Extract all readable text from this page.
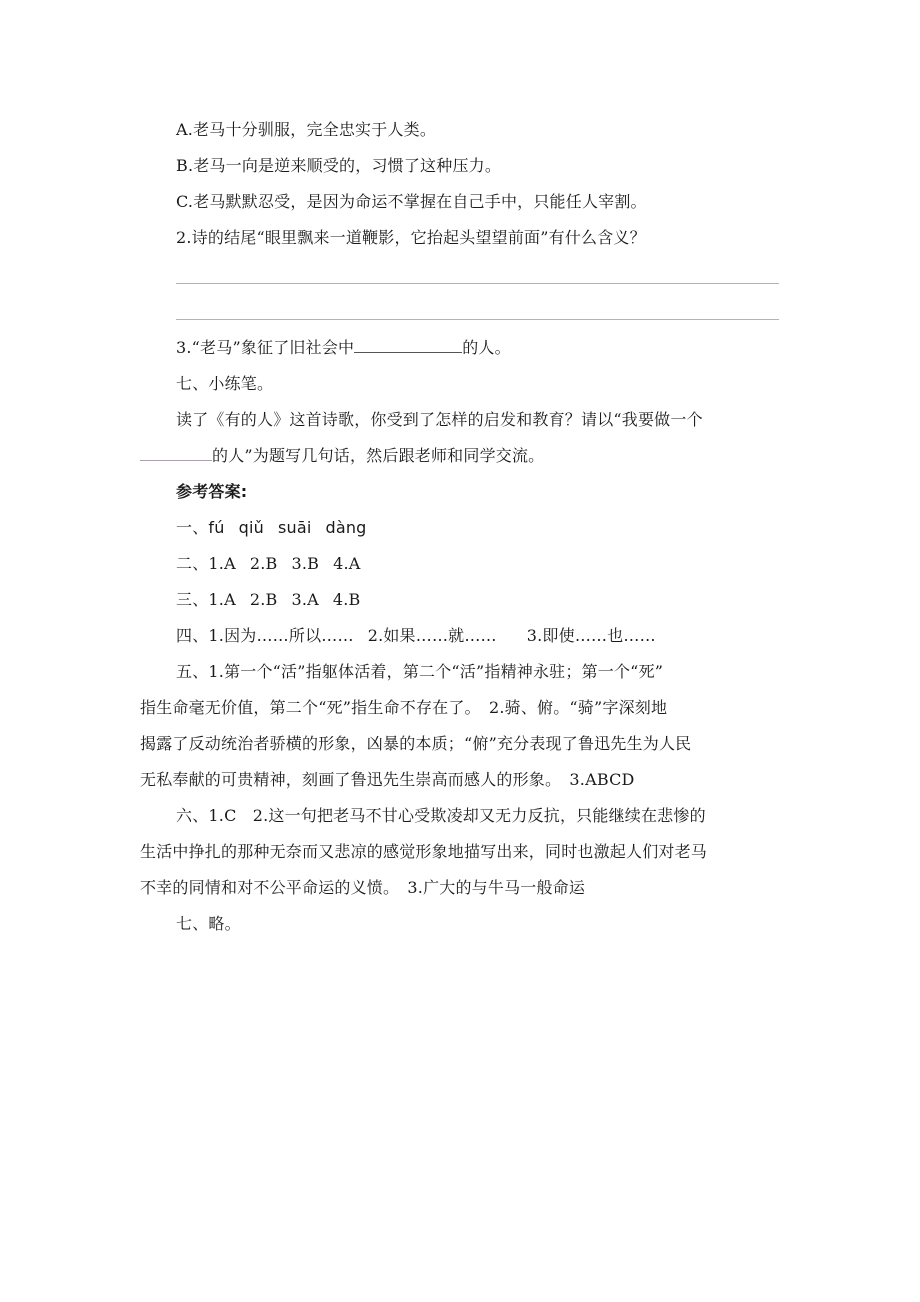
A.老马十分驯服，完全忠实于人类。
B.老马一向是逆来顺受的，习惯了这种压力。
C.老马默默忍受，是因为命运不掌握在自己手中，只能任人宰割。
2.诗的结尾“眼里飘来一道鞭影，它抬起头望望前面”有什么含义？
3.“老马”象征了旧社会中	的人。
七、小练笔。
读了《有的人》这首诗歌，你受到了怎样的启发和教育？请以“我要做一个
的人”为题写几句话，然后跟老师和同学交流。
参考答案:
一、fú qiǔ suāi dàng
二、1.A 2.B 3.B 4.A
三、1.A 2.B 3.A 4.B
四、1.因为……所以…… 2.如果……就…… 3.即使……也……
五、1.第一个“活”指躯体活着，第二个“活”指精神永驻；第一个“死”
指生命毫无价值，第二个“死”指生命不存在了。　2.骑、俯。“骑”字深刻地
揭露了反动统治者骄横的形象，凶暴的本质；“俯”充分表现了鲁迅先生为人民
无私奉献的可贵精神，刻画了鲁迅先生崇高而感人的形象。　3.ABCD
六、1.C　2.这一句把老马不甘心受欺凌却又无力反抗，只能继续在悲惨的
生活中挣扎的那种无奈而又悲凉的感觉形象地描写出来，同时也激起人们对老马
不幸的同情和对不公平命运的义愤。　3.广大的与牛马一般命运
七、略。
